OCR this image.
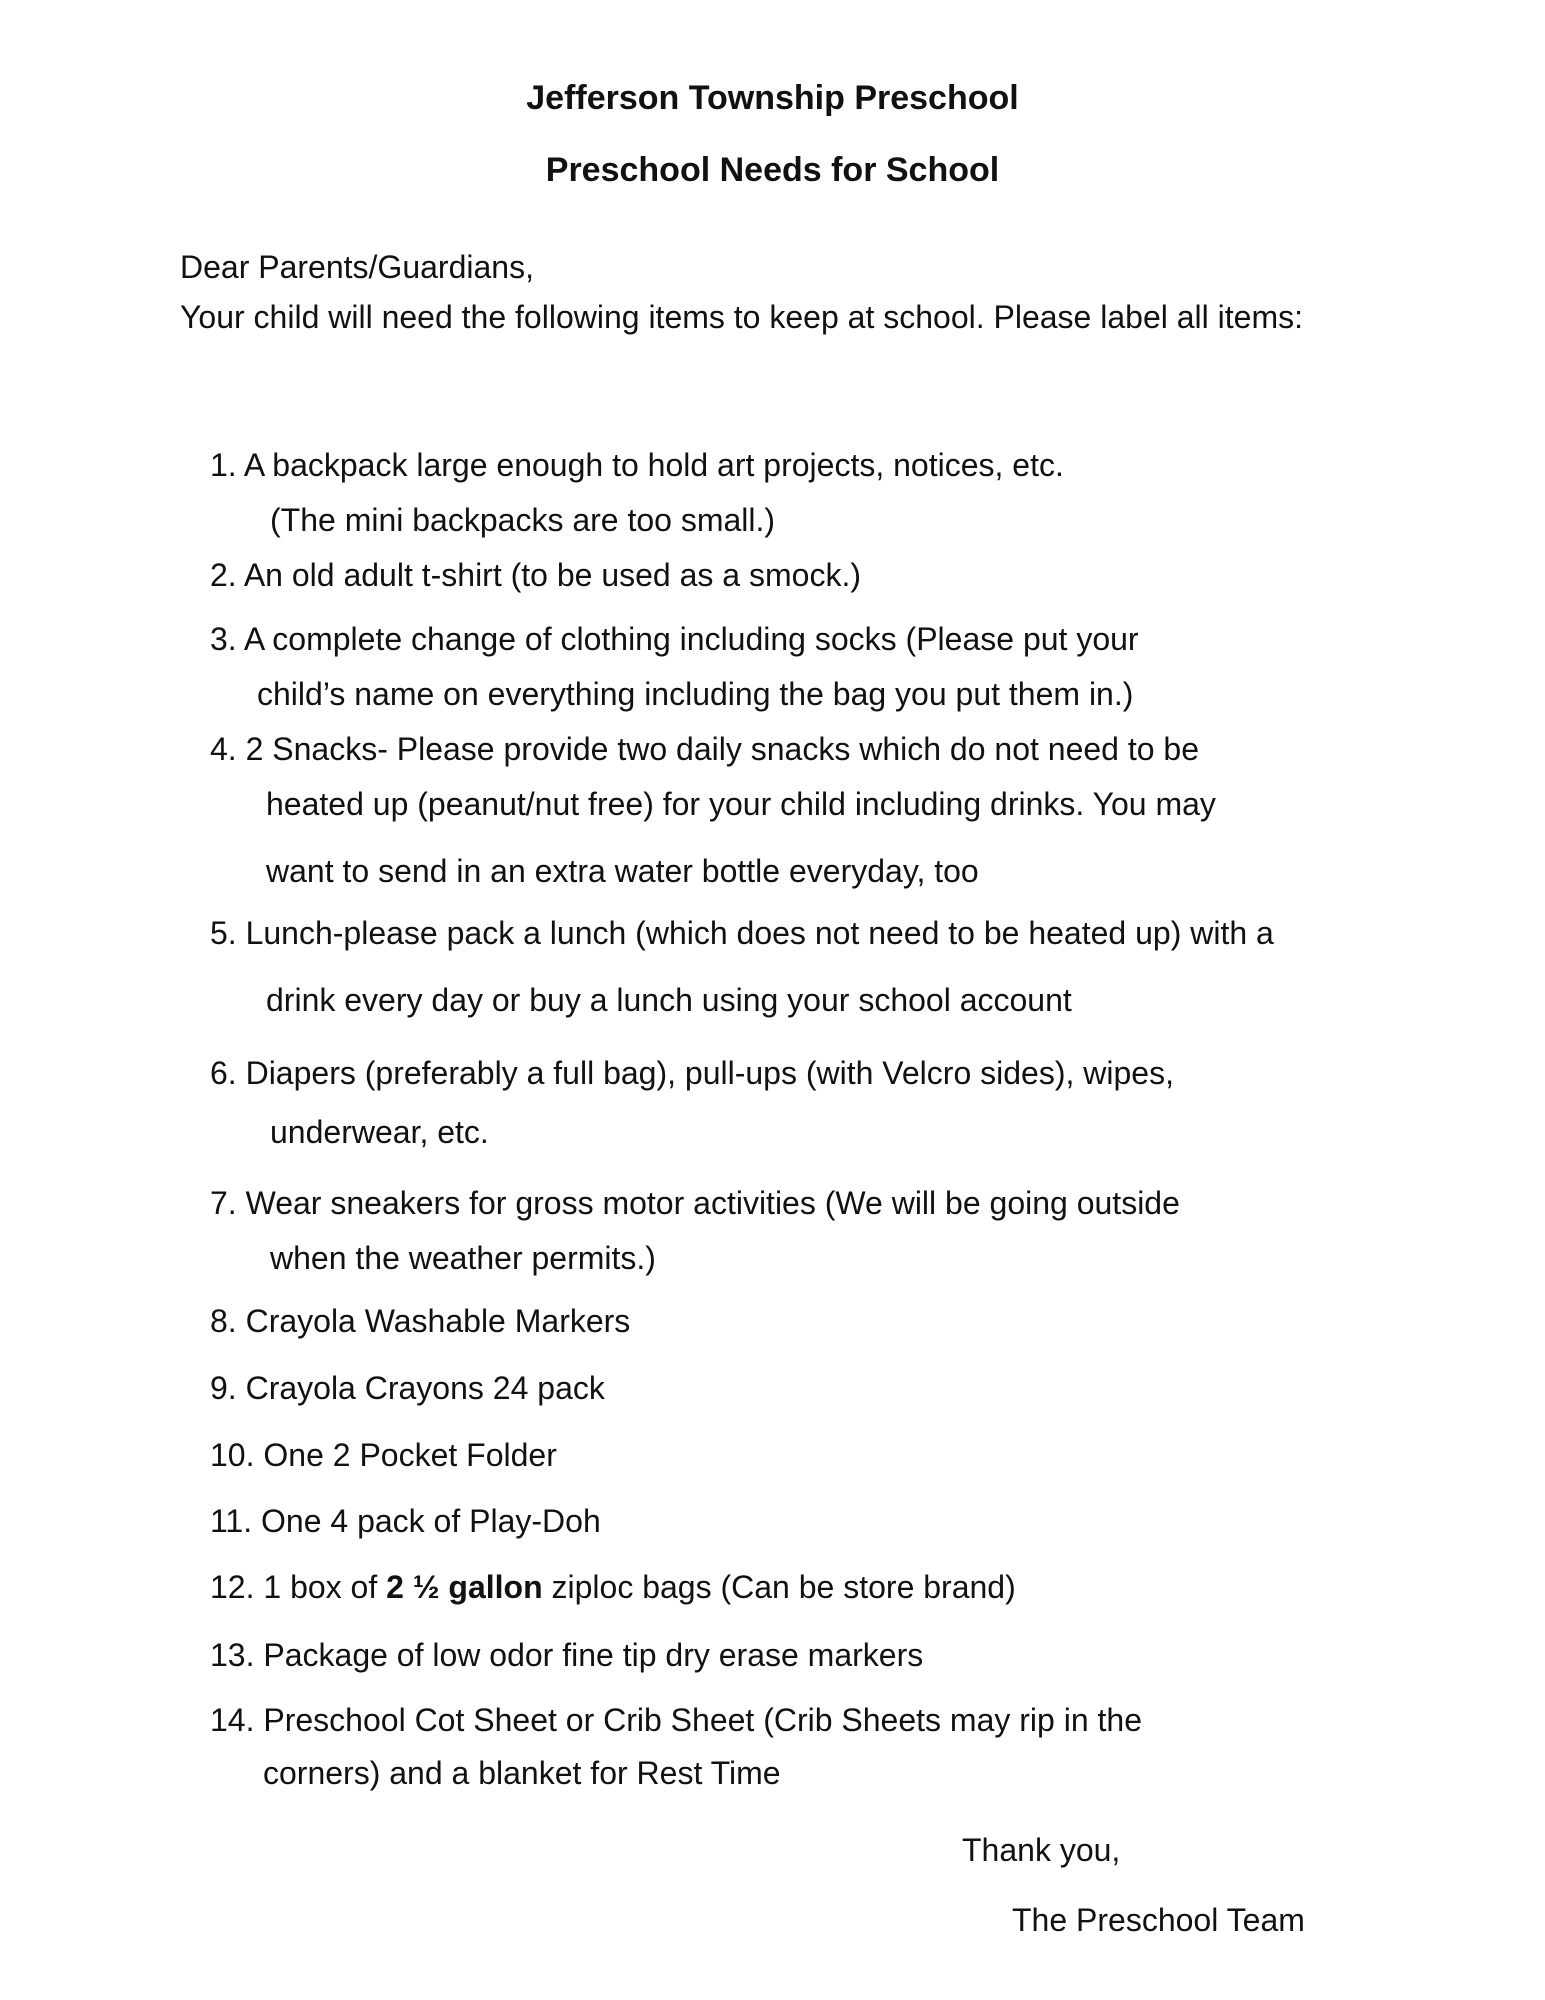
Jefferson Township Preschool
Preschool Needs for School
Dear Parents/Guardians,
Your child will need the following items to keep at school. Please label all items:
1. A backpack large enough to hold art projects, notices, etc.
(The mini backpacks are too small.)
2. An old adult t-shirt (to be used as a smock.)
3. A complete change of clothing including socks (Please put your
child’s name on everything including the bag you put them in.)
4. 2 Snacks- Please provide two daily snacks which do not need to be
heated up (peanut/nut free) for your child including drinks. You may
want to send in an extra water bottle everyday, too
5. Lunch-please pack a lunch (which does not need to be heated up) with a
drink every day or buy a lunch using your school account
6. Diapers (preferably a full bag), pull-ups (with Velcro sides), wipes,
underwear, etc.
7. Wear sneakers for gross motor activities (We will be going outside
when the weather permits.)
8. Crayola Washable Markers
9. Crayola Crayons 24 pack
10. One 2 Pocket Folder
11. One 4 pack of Play-Doh
12. 1 box of 2 ½ gallon ziploc bags (Can be store brand)
13. Package of low odor fine tip dry erase markers
14. Preschool Cot Sheet or Crib Sheet (Crib Sheets may rip in the
corners) and a blanket for Rest Time
Thank you,
The Preschool Team
